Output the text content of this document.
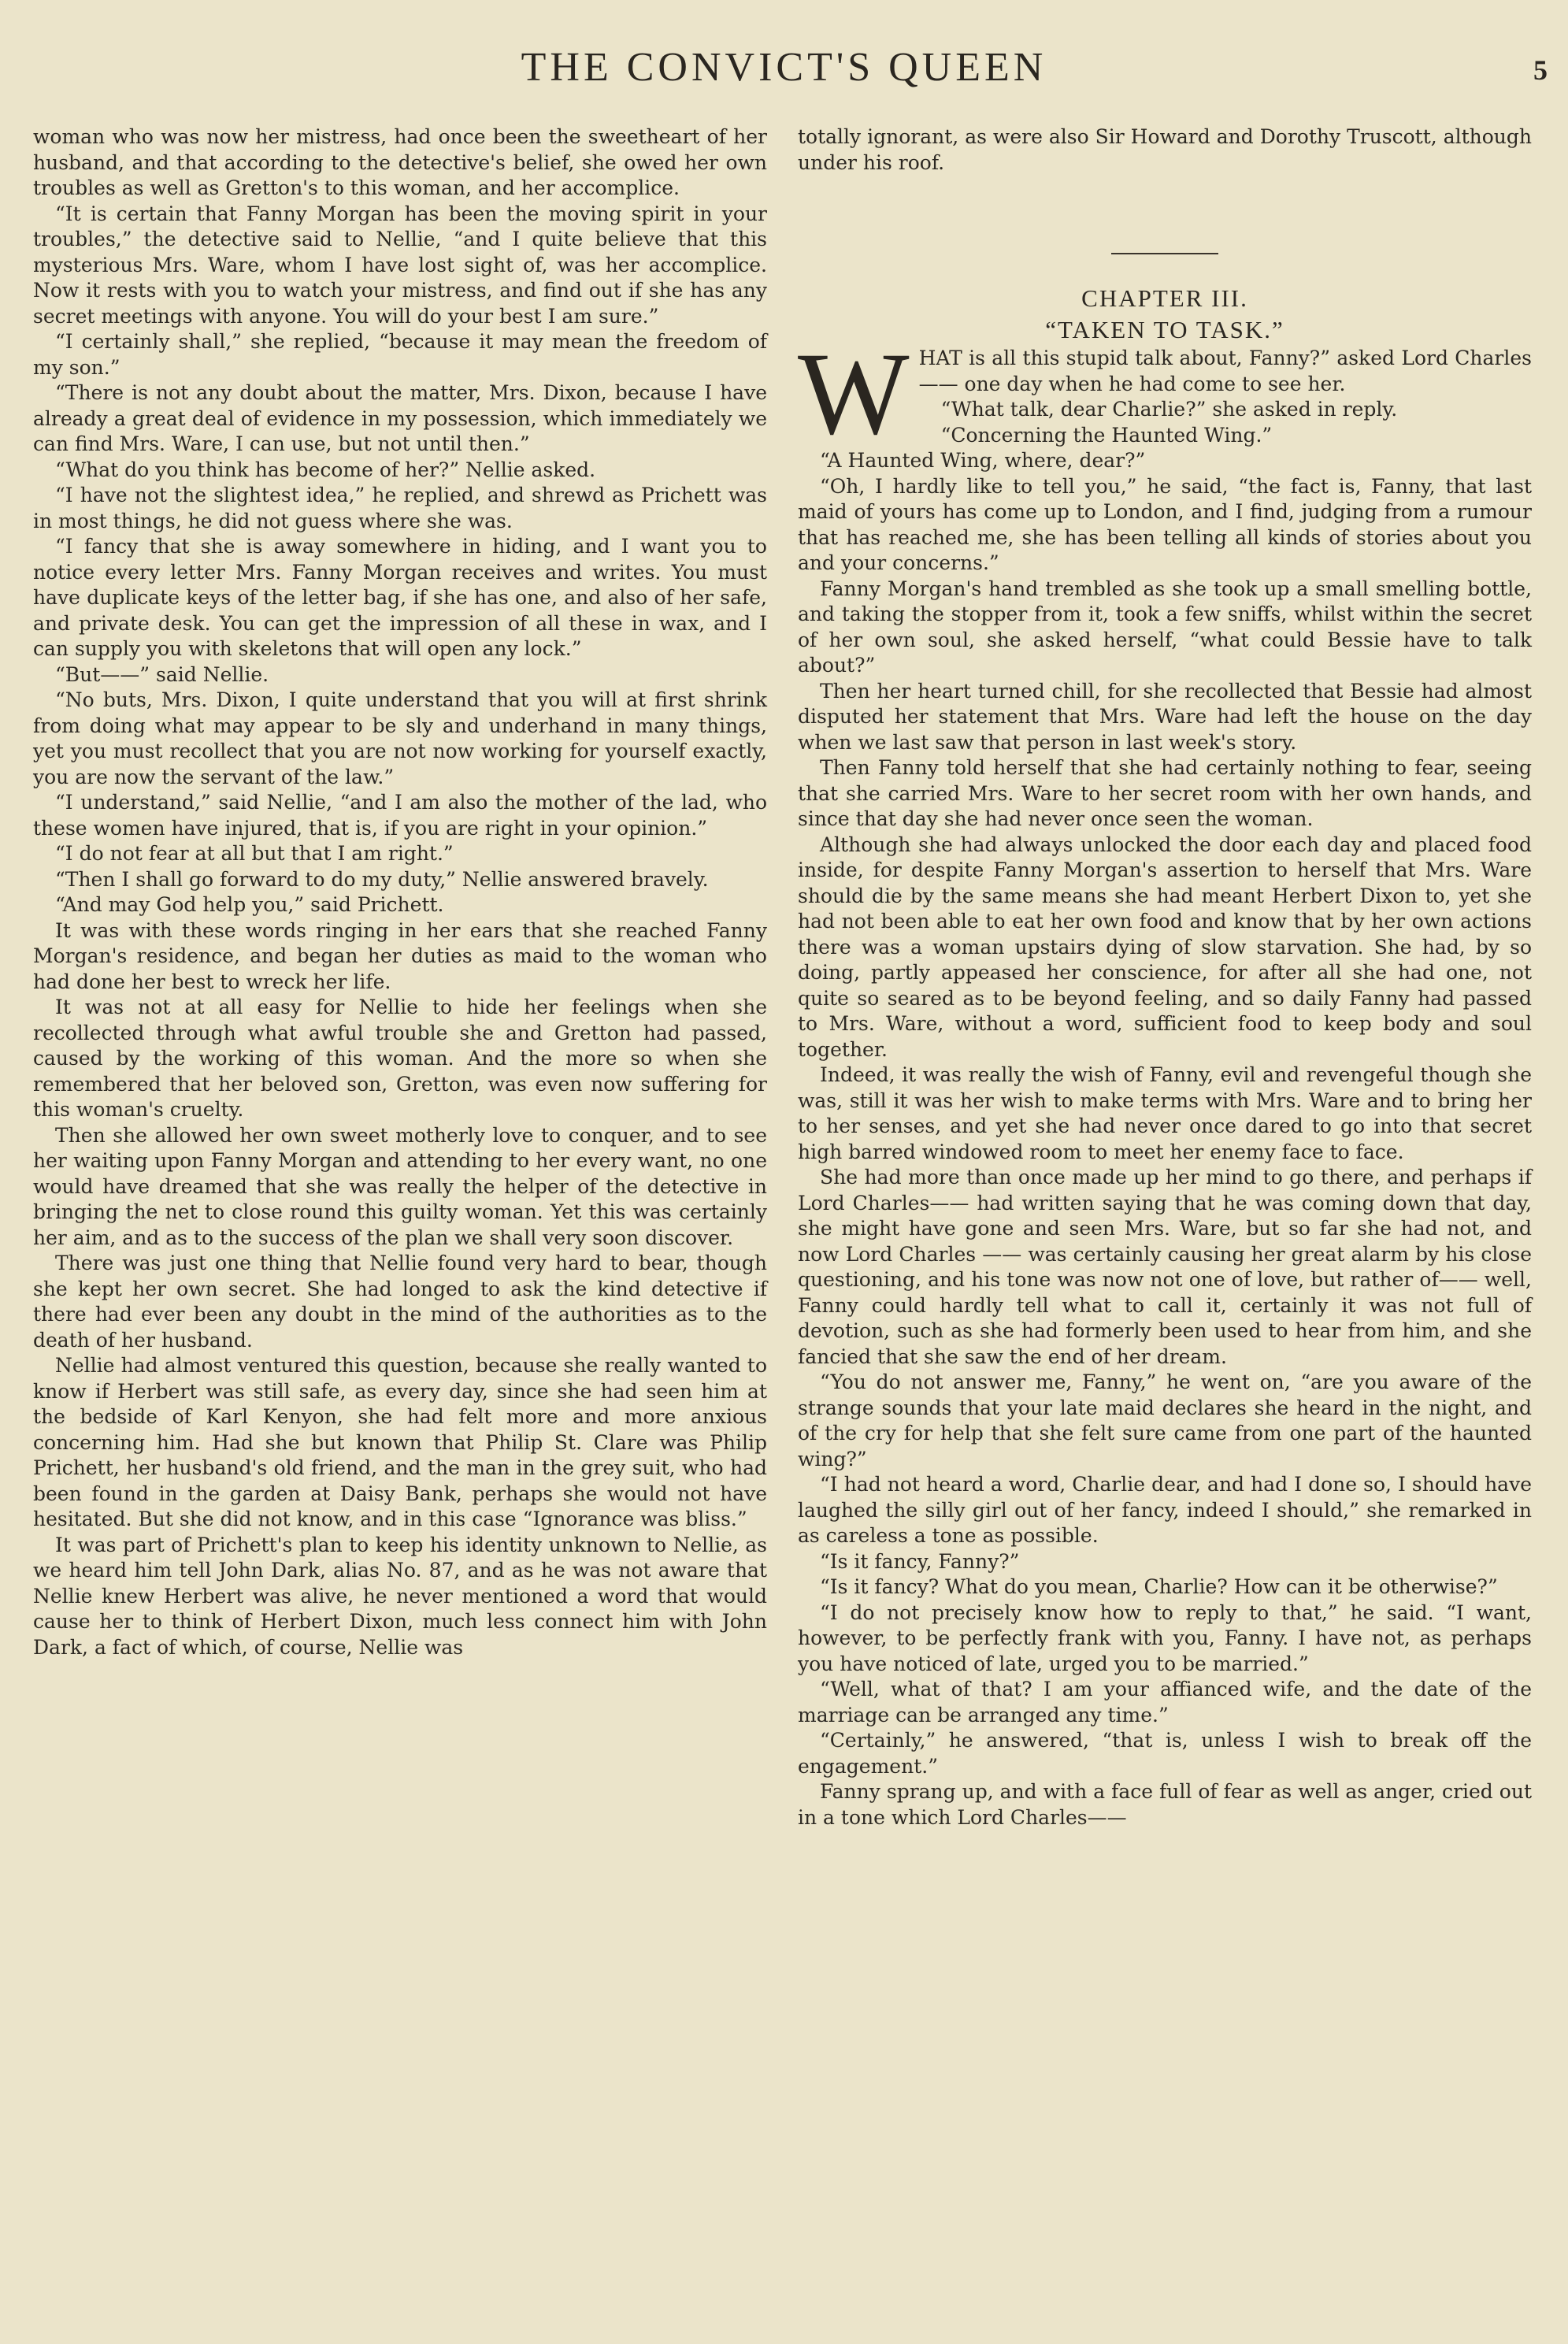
THE CONVICT'S QUEEN	5

woman who was now her mistress, had once been the sweetheart of her husband, and that according to the detective's belief, she owed her own troubles as well as Gretton's to this woman, and her accomplice.

“It is certain that Fanny Morgan has been the moving spirit in your troubles,” the detective said to Nellie, “and I quite believe that this mysterious Mrs. Ware, whom I have lost sight of, was her accomplice. Now it rests with you to watch your mistress, and find out if she has any secret meetings with anyone. You will do your best I am sure.”

“I certainly shall,” she replied, “because it may mean the freedom of my son.”

“There is not any doubt about the matter, Mrs. Dixon, because I have already a great deal of evidence in my possession, which immediately we can find Mrs. Ware, I can use, but not until then.”

“What do you think has become of her?” Nellie asked.

“I have not the slightest idea,” he replied, and shrewd as Prichett was in most things, he did not guess where she was.

“I fancy that she is away somewhere in hiding, and I want you to notice every letter Mrs. Fanny Morgan receives and writes. You must have duplicate keys of the letter bag, if she has one, and also of her safe, and private desk. You can get the impression of all these in wax, and I can supply you with skeletons that will open any lock.”

“But——” said Nellie.

“No buts, Mrs. Dixon, I quite understand that you will at first shrink from doing what may appear to be sly and underhand in many things, yet you must recollect that you are not now working for yourself exactly, you are now the servant of the law.”

“I understand,” said Nellie, “and I am also the mother of the lad, who these women have injured, that is, if you are right in your opinion.”

“I do not fear at all but that I am right.”

“Then I shall go forward to do my duty,” Nellie answered bravely.

“And may God help you,” said Prichett.

It was with these words ringing in her ears that she reached Fanny Morgan's residence, and began her duties as maid to the woman who had done her best to wreck her life.

It was not at all easy for Nellie to hide her feelings when she recollected through what awful trouble she and Gretton had passed, caused by the working of this woman. And the more so when she remembered that her beloved son, Gretton, was even now suffering for this woman's cruelty.

Then she allowed her own sweet motherly love to conquer, and to see her waiting upon Fanny Morgan and attending to her every want, no one would have dreamed that she was really the helper of the detective in bringing the net to close round this guilty woman. Yet this was certainly her aim, and as to the success of the plan we shall very soon discover.

There was just one thing that Nellie found very hard to bear, though she kept her own secret. She had longed to ask the kind detective if there had ever been any doubt in the mind of the authorities as to the death of her husband.

Nellie had almost ventured this question, because she really wanted to know if Herbert was still safe, as every day, since she had seen him at the bedside of Karl Kenyon, she had felt more and more anxious concerning him. Had she but known that Philip St. Clare was Philip Prichett, her husband's old friend, and the man in the grey suit, who had been found in the garden at Daisy Bank, perhaps she would not have hesitated. But she did not know, and in this case “Ignorance was bliss.”

It was part of Prichett's plan to keep his identity unknown to Nellie, as we heard him tell John Dark, alias No. 87, and as he was not aware that Nellie knew Herbert was alive, he never mentioned a word that would cause her to think of Herbert Dixon, much less connect him with John Dark, a fact of which, of course, Nellie was

totally ignorant, as were also Sir Howard and Dorothy Truscott, although under his roof.

CHAPTER III.

“TAKEN TO TASK.”

WHAT is all this stupid talk about, Fanny?” asked Lord Charles—— one day when he had come to see her.

“What talk, dear Charlie?” she asked in reply.

“Concerning the Haunted Wing.”

“A Haunted Wing, where, dear?”

“Oh, I hardly like to tell you,” he said, “the fact is, Fanny, that last maid of yours has come up to London, and I find, judging from a rumour that has reached me, she has been telling all kinds of stories about you and your concerns.”

Fanny Morgan's hand trembled as she took up a small smelling bottle, and taking the stopper from it, took a few sniffs, whilst within the secret of her own soul, she asked herself, “what could Bessie have to talk about?”

Then her heart turned chill, for she recollected that Bessie had almost disputed her statement that Mrs. Ware had left the house on the day when we last saw that person in last week's story.

Then Fanny told herself that she had certainly nothing to fear, seeing that she carried Mrs. Ware to her secret room with her own hands, and since that day she had never once seen the woman.

Although she had always unlocked the door each day and placed food inside, for despite Fanny Morgan's assertion to herself that Mrs. Ware should die by the same means she had meant Herbert Dixon to, yet she had not been able to eat her own food and know that by her own actions there was a woman upstairs dying of slow starvation. She had, by so doing, partly appeased her conscience, for after all she had one, not quite so seared as to be beyond feeling, and so daily Fanny had passed to Mrs. Ware, without a word, sufficient food to keep body and soul together.

Indeed, it was really the wish of Fanny, evil and revengeful though she was, still it was her wish to make terms with Mrs. Ware and to bring her to her senses, and yet she had never once dared to go into that secret high barred windowed room to meet her enemy face to face.

She had more than once made up her mind to go there, and perhaps if Lord Charles—— had written saying that he was coming down that day, she might have gone and seen Mrs. Ware, but so far she had not, and now Lord Charles —— was certainly causing her great alarm by his close questioning, and his tone was now not one of love, but rather of—— well, Fanny could hardly tell what to call it, certainly it was not full of devotion, such as she had formerly been used to hear from him, and she fancied that she saw the end of her dream.

“You do not answer me, Fanny,” he went on, “are you aware of the strange sounds that your late maid declares she heard in the night, and of the cry for help that she felt sure came from one part of the haunted wing?”

“I had not heard a word, Charlie dear, and had I done so, I should have laughed the silly girl out of her fancy, indeed I should,” she remarked in as careless a tone as possible.

“Is it fancy, Fanny?”

“Is it fancy? What do you mean, Charlie? How can it be otherwise?”

“I do not precisely know how to reply to that,” he said. “I want, however, to be perfectly frank with you, Fanny. I have not, as perhaps you have noticed of late, urged you to be married.”

“Well, what of that? I am your affianced wife, and the date of the marriage can be arranged any time.”

“Certainly,” he answered, “that is, unless I wish to break off the engagement.”

Fanny sprang up, and with a face full of fear as well as anger, cried out in a tone which Lord Charles——
